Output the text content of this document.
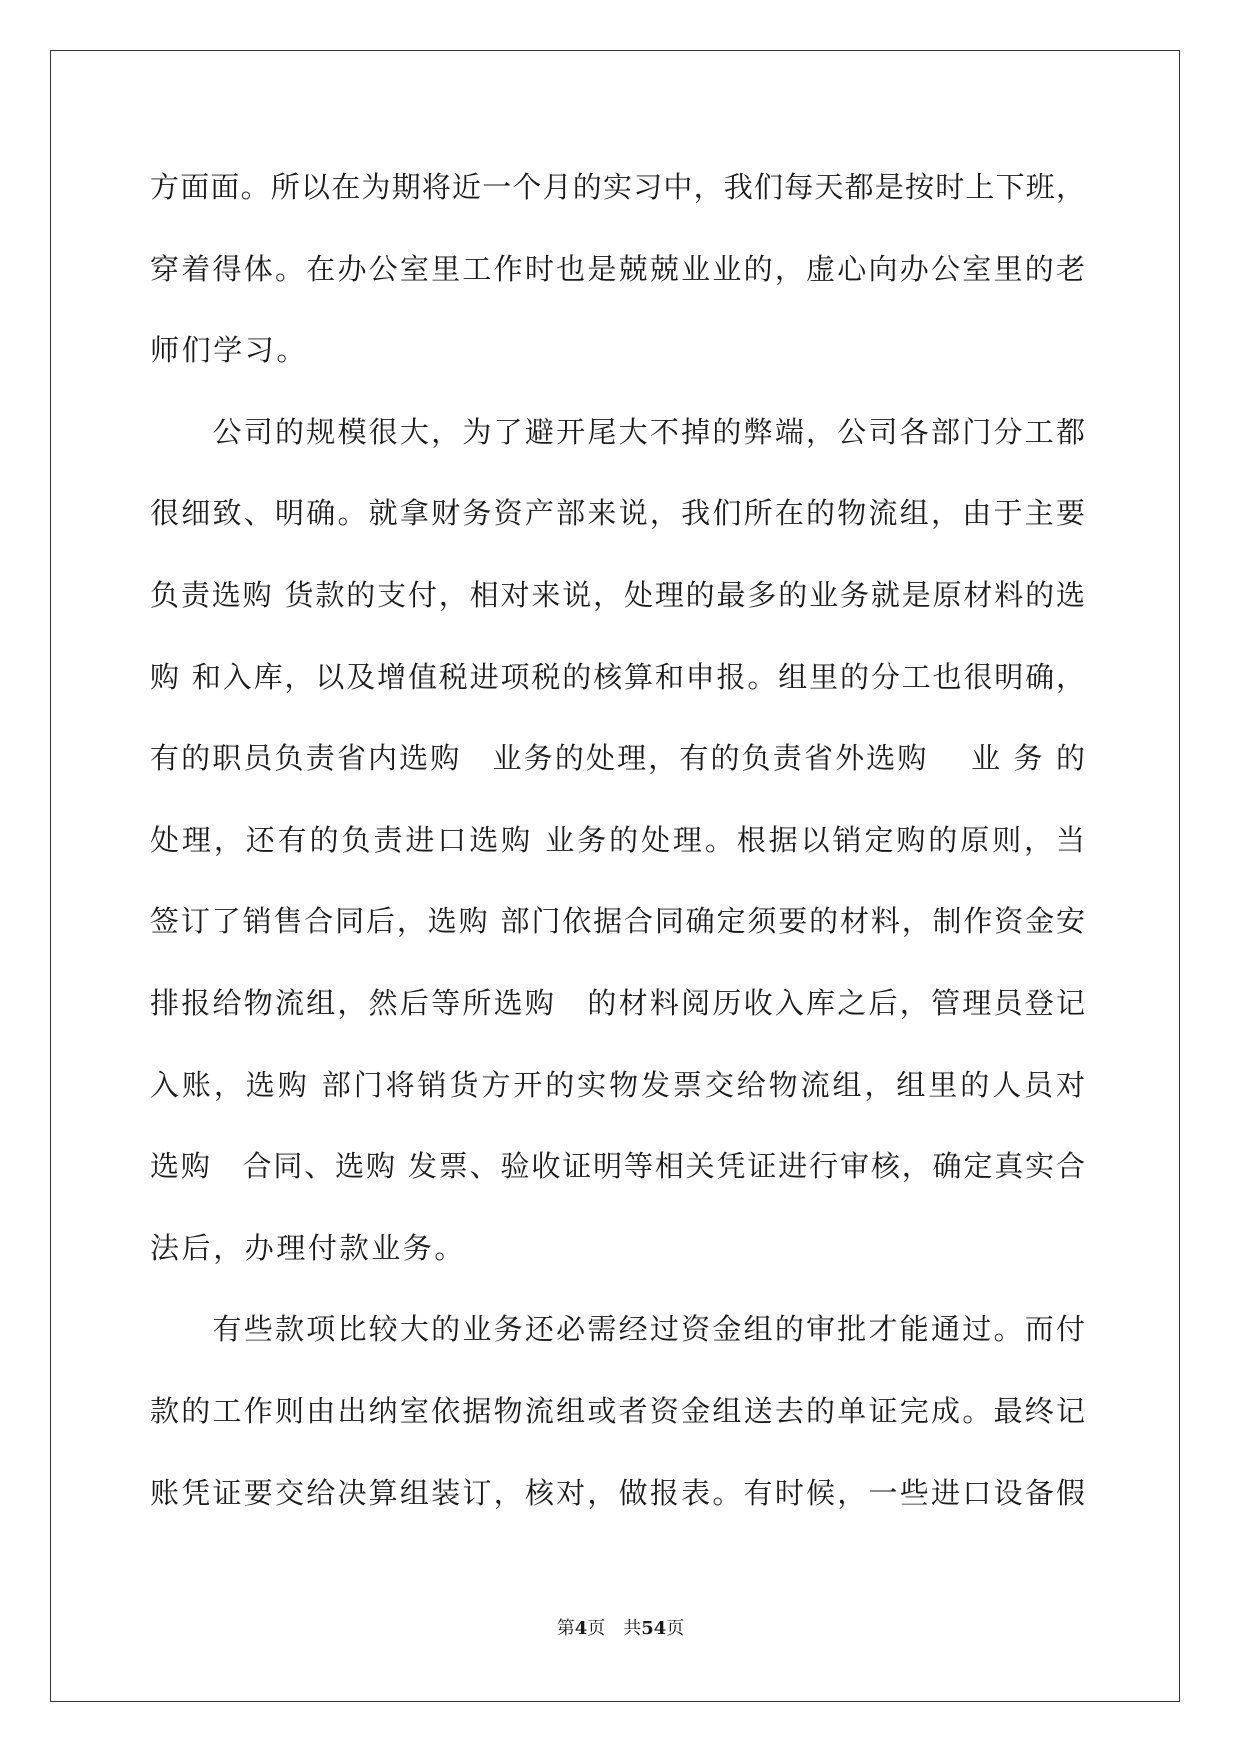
方面面。所以在为期将近一个月的实习中，我们每天都是按时上下班，
穿着得体。在办公室里工作时也是兢兢业业的，虚心向办公室里的老
师们学习。
　　公司的规模很大，为了避开尾大不掉的弊端，公司各部门分工都
很细致、明确。就拿财务资产部来说，我们所在的物流组，由于主要
负责选购 货款的支付，相对来说，处理的最多的业务就是原材料的选
购 和入库，以及增值税进项税的核算和申报。组里的分工也很明确，
有的职员负责省内选购　业务的处理，有的负责省外选购　 业 务 的
处理，还有的负责进口选购 业务的处理。根据以销定购的原则，当
签订了销售合同后，选购 部门依据合同确定须要的材料，制作资金安
排报给物流组，然后等所选购　的材料阅历收入库之后，管理员登记
入账，选购 部门将销货方开的实物发票交给物流组，组里的人员对
选购　合同、选购 发票、验收证明等相关凭证进行审核，确定真实合
法后，办理付款业务。
　　有些款项比较大的业务还必需经过资金组的审批才能通过。而付
款的工作则由出纳室依据物流组或者资金组送去的单证完成。最终记
账凭证要交给决算组装订，核对，做报表。有时候，一些进口设备假
第4页　共54页
